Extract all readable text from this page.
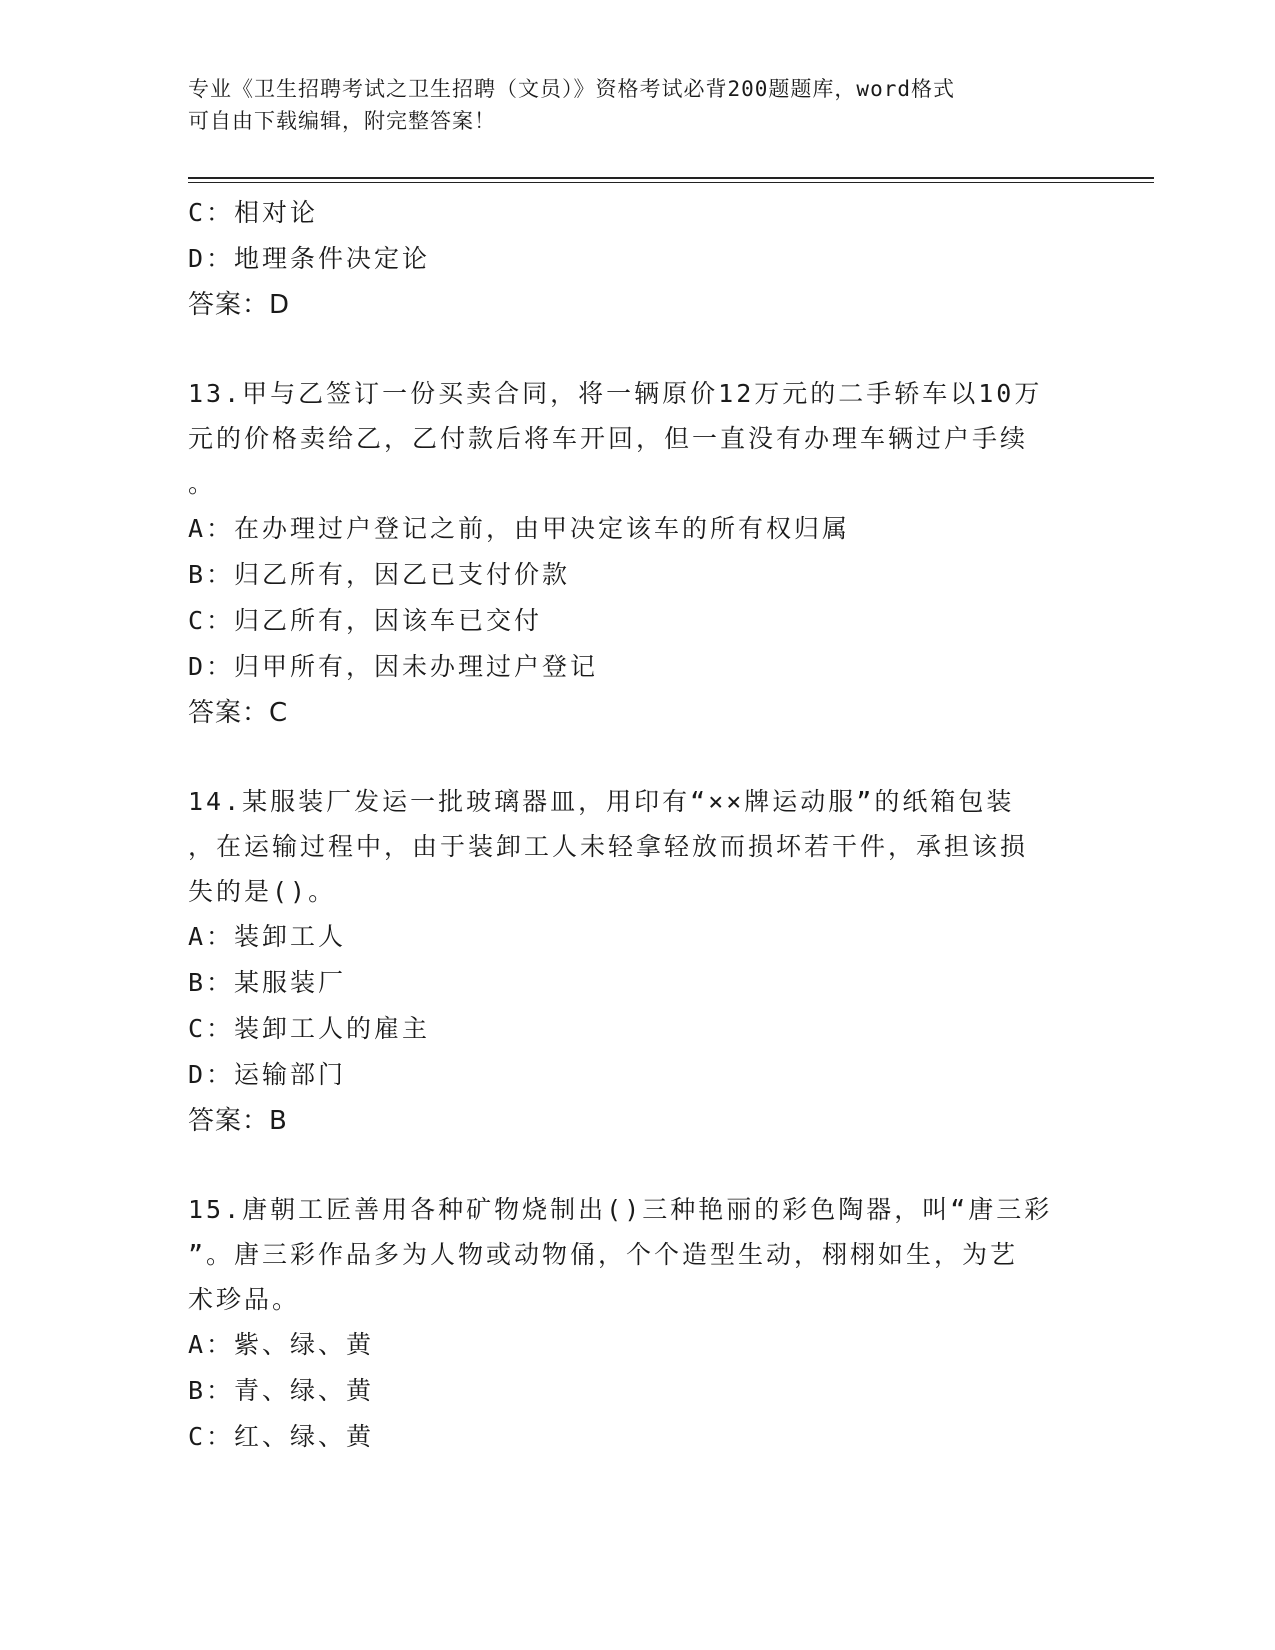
专业《卫生招聘考试之卫生招聘（文员）》资格考试必背200题题库，word格式
可自由下载编辑，附完整答案！
C：相对论
D：地理条件决定论
答案：D
13.甲与乙签订一份买卖合同，将一辆原价12万元的二手轿车以10万
元的价格卖给乙，乙付款后将车开回，但一直没有办理车辆过户手续
。
A：在办理过户登记之前，由甲决定该车的所有权归属
B：归乙所有，因乙已支付价款
C：归乙所有，因该车已交付
D：归甲所有，因未办理过户登记
答案：C
14.某服装厂发运一批玻璃器皿，用印有“××牌运动服”的纸箱包装
，在运输过程中，由于装卸工人未轻拿轻放而损坏若干件，承担该损
失的是()。
A：装卸工人
B：某服装厂
C：装卸工人的雇主
D：运输部门
答案：B
15.唐朝工匠善用各种矿物烧制出()三种艳丽的彩色陶器，叫“唐三彩
”。唐三彩作品多为人物或动物俑，个个造型生动，栩栩如生，为艺
术珍品。
A：紫、绿、黄
B：青、绿、黄
C：红、绿、黄
